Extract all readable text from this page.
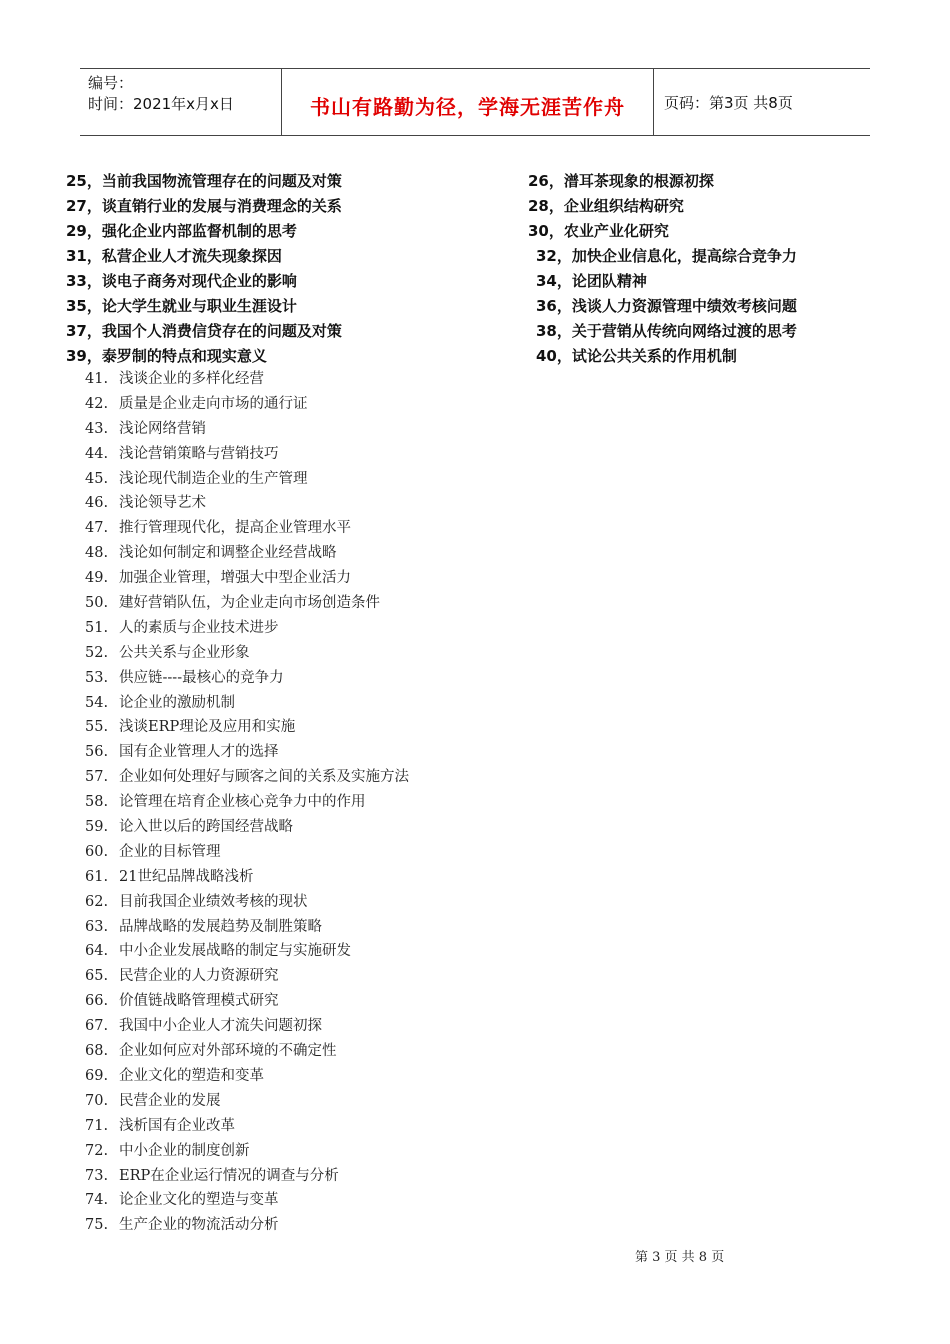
编号：
时间：2021年x月x日	书山有路勤为径，学海无涯苦作舟	页码：第3页 共8页
25，当前我国物流管理存在的问题及对策	26，潽耳茶现象的根源初探
27，谈直销行业的发展与消费理念的关系	28，企业组织结构研究
29，强化企业内部监督机制的思考	30，农业产业化研究
31，私营企业人才流失现象探因	32，加快企业信息化，提高综合竞争力
33，谈电子商务对现代企业的影响	34，论团队精神
35，论大学生就业与职业生涯设计	36，浅谈人力资源管理中绩效考核问题
37，我国个人消费信贷存在的问题及对策	38，关于营销从传统向网络过渡的思考
39，泰罗制的特点和现实意义	40，试论公共关系的作用机制
41. 浅谈企业的多样化经营
42. 质量是企业走向市场的通行证
43. 浅论网络营销
44. 浅论营销策略与营销技巧
45. 浅论现代制造企业的生产管理
46. 浅论领导艺术
47. 推行管理现代化，提高企业管理水平
48. 浅论如何制定和调整企业经营战略
49. 加强企业管理，增强大中型企业活力
50. 建好营销队伍，为企业走向市场创造条件
51. 人的素质与企业技术进步
52. 公共关系与企业形象
53. 供应链----最核心的竞争力
54. 论企业的激励机制
55. 浅谈ERP理论及应用和实施
56. 国有企业管理人才的选择
57. 企业如何处理好与顾客之间的关系及实施方法
58. 论管理在培育企业核心竞争力中的作用
59. 论入世以后的跨国经营战略
60. 企业的目标管理
61. 21世纪品牌战略浅析
62. 目前我国企业绩效考核的现状
63. 品牌战略的发展趋势及制胜策略
64. 中小企业发展战略的制定与实施研发
65. 民营企业的人力资源研究
66. 价值链战略管理模式研究
67. 我国中小企业人才流失问题初探
68. 企业如何应对外部环境的不确定性
69. 企业文化的塑造和变革
70. 民营企业的发展
71. 浅析国有企业改革
72. 中小企业的制度创新
73. ERP在企业运行情况的调查与分析
74. 论企业文化的塑造与变革
75. 生产企业的物流活动分析
第 3 页 共 8 页
